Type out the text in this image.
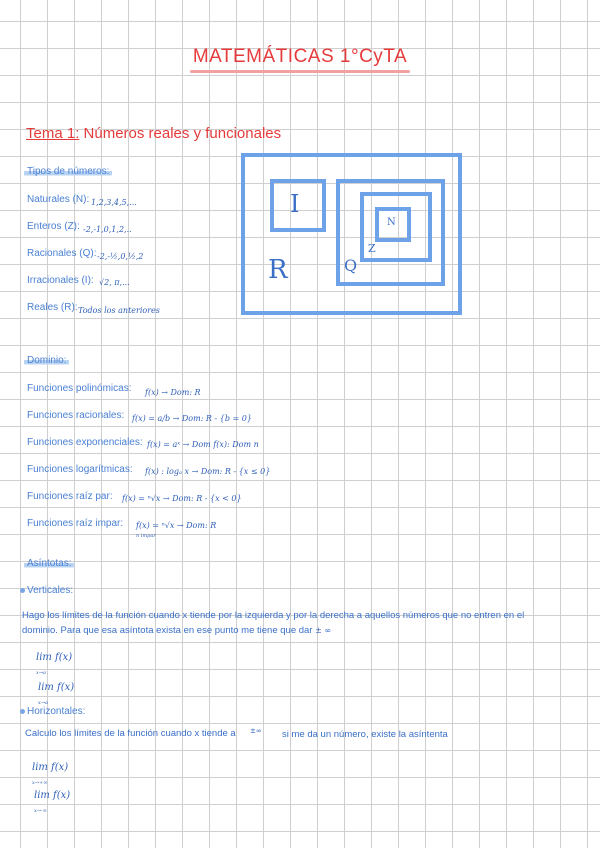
MATEMÁTICAS 1°CyTA
Tema 1: Números reales y funcionales
Tipos de números:
Naturales (N): 1,2,3,4,5,...
Enteros (Z): -2,-1,0,1,2,..
Racionales (Q): -2,-½,0,½,2
Irracionales (I): √2, π,...
Reales (R): Todos los anteriores
I
R	Q
Z
N
Dominio:
Funciones polinómicas: f(x) → Dom: R
Funciones racionales: f(x) = a/b → Dom: R - {b = 0}
Funciones exponenciales: f(x) = aˣ → Dom f(x): Dom n
Funciones logarítmicas: f(x) : logₐ x → Dom: R - {x ≤ 0}
Funciones raíz par: f(x) = ⁿ√x → Dom: R - {x < 0}
Funciones raíz impar: f(x) = ⁿ√x → Dom: R
n impar
Asíntotas:
Verticales:
Hago los límites de la función cuando x tiende por la izquierda y por la derecha a aquellos números que no entren en el dominio. Para que esa asíntota exista en ese punto me tiene que dar ± ∞
lim f(x)
$_{x\to a}$
lim f(x)
$_{x\to a}$
Horizontales:
Calculo los límites de la función cuando x tiende a ±∞ si me da un número, existe la asíntenta
lim f(x)
$_{x\to+\infty}$
lim f(x)
$_{x\to-\infty}$
